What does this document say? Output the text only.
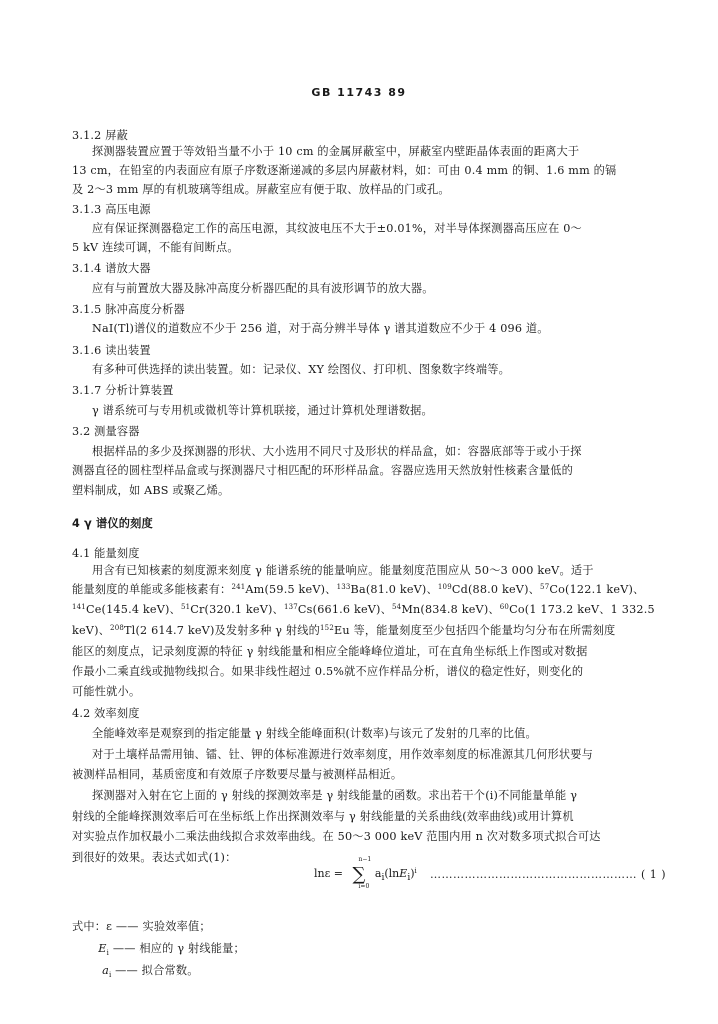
GB 11743 89
3.1.2 屏蔽
探测器装置应置于等效铅当量不小于 10 cm 的金属屏蔽室中，屏蔽室内壁距晶体表面的距离大于
13 cm，在铅室的内表面应有原子序数逐渐递减的多层内屏蔽材料，如：可由 0.4 mm 的铜、1.6 mm 的镉
及 2～3 mm 厚的有机玻璃等组成。屏蔽室应有便于取、放样品的门或孔。
3.1.3 高压电源
应有保证探测器稳定工作的高压电源，其纹波电压不大于±0.01%，对半导体探测器高压应在 0～
5 kV 连续可调，不能有间断点。
3.1.4 谱放大器
应有与前置放大器及脉冲高度分析器匹配的具有波形调节的放大器。
3.1.5 脉冲高度分析器
NaI(Tl)谱仪的道数应不少于 256 道，对于高分辨半导体 γ 谱其道数应不少于 4 096 道。
3.1.6 读出装置
有多种可供选择的读出装置。如：记录仪、XY 绘图仪、打印机、图象数字终端等。
3.1.7 分析计算装置
γ 谱系统可与专用机或微机等计算机联接，通过计算机处理谱数据。
3.2 测量容器
根据样品的多少及探测器的形状、大小选用不同尺寸及形状的样品盒，如：容器底部等于或小于探
测器直径的圆柱型样品盒或与探测器尺寸相匹配的环形样品盒。容器应选用天然放射性核素含量低的
塑料制成，如 ABS 或聚乙烯。
4 γ 谱仪的刻度
4.1 能量刻度
用含有已知核素的刻度源来刻度 γ 能谱系统的能量响应。能量刻度范围应从 50～3 000 keV。适于
能量刻度的单能或多能核素有：$^{241}$Am(59.5 keV)、$^{133}$Ba(81.0 keV)、$^{109}$Cd(88.0 keV)、$^{57}$Co(122.1 keV)、
$^{141}$Ce(145.4 keV)、$^{51}$Cr(320.1 keV)、$^{137}$Cs(661.6 keV)、$^{54}$Mn(834.8 keV)、$^{60}$Co(1 173.2 keV、1 332.5
keV)、$^{208}$Tl(2 614.7 keV)及发射多种 γ 射线的$^{152}$Eu 等，能量刻度至少包括四个能量均匀分布在所需刻度
能区的刻度点，记录刻度源的特征 γ 射线能量和相应全能峰峰位道址，可在直角坐标纸上作图或对数据
作最小二乘直线或抛物线拟合。如果非线性超过 0.5%就不应作样品分析，谱仪的稳定性好，则变化的
可能性就小。
4.2 效率刻度
全能峰效率是观察到的指定能量 γ 射线全能峰面积(计数率)与该元了发射的几率的比值。
对于土壤样品需用铀、镭、钍、钾的体标准源进行效率刻度，用作效率刻度的标准源其几何形状要与
被测样品相同，基质密度和有效原子序数要尽量与被测样品相近。
探测器对入射在它上面的 γ 射线的探测效率是 γ 射线能量的函数。求出若干个(i)不同能量单能 γ
射线的全能峰探测效率后可在坐标纸上作出探测效率与 γ 射线能量的关系曲线(效率曲线)或用计算机
对实验点作加权最小二乘法曲线拟合求效率曲线。在 50～3 000 keV 范围内用 n 次对数多项式拟合可达
到很好的效果。表达式如式(1)：
式中：ε —— 实验效率值；
$E_i$ —— 相应的 γ 射线能量；
$a_i$ —— 拟合常数。
lnε = ∑
n−1
i=0
$a_i(\ln E_i)^i$ ……………………………………………… ( 1 )
